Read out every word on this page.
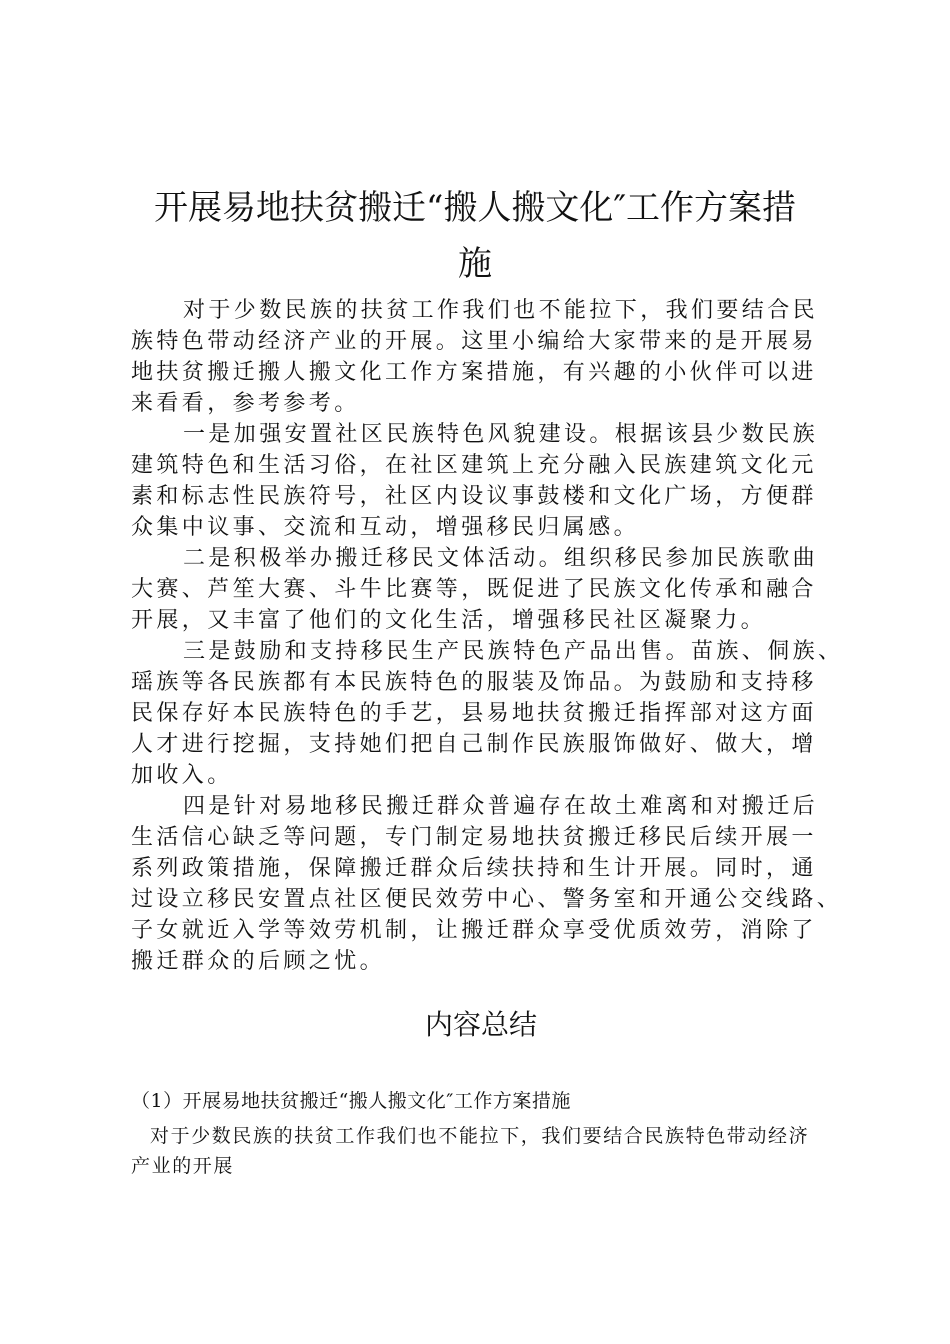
开展易地扶贫搬迁“搬人搬文化″工作方案措
施
对于少数民族的扶贫工作我们也不能拉下，我们要结合民
族特色带动经济产业的开展。这里小编给大家带来的是开展易
地扶贫搬迁搬人搬文化工作方案措施，有兴趣的小伙伴可以进
来看看，参考参考。
一是加强安置社区民族特色风貌建设。根据该县少数民族
建筑特色和生活习俗，在社区建筑上充分融入民族建筑文化元
素和标志性民族符号，社区内设议事鼓楼和文化广场，方便群
众集中议事、交流和互动，增强移民归属感。
二是积极举办搬迁移民文体活动。组织移民参加民族歌曲
大赛、芦笙大赛、斗牛比赛等，既促进了民族文化传承和融合
开展，又丰富了他们的文化生活，增强移民社区凝聚力。
三是鼓励和支持移民生产民族特色产品出售。苗族、侗族、
瑶族等各民族都有本民族特色的服装及饰品。为鼓励和支持移
民保存好本民族特色的手艺，县易地扶贫搬迁指挥部对这方面
人才进行挖掘，支持她们把自己制作民族服饰做好、做大，增
加收入。
四是针对易地移民搬迁群众普遍存在故土难离和对搬迁后
生活信心缺乏等问题，专门制定易地扶贫搬迁移民后续开展一
系列政策措施，保障搬迁群众后续扶持和生计开展。同时，通
过设立移民安置点社区便民效劳中心、警务室和开通公交线路、
子女就近入学等效劳机制，让搬迁群众享受优质效劳，消除了
搬迁群众的后顾之忧。
内容总结
（1）开展易地扶贫搬迁“搬人搬文化″工作方案措施
对于少数民族的扶贫工作我们也不能拉下，我们要结合民族特色带动经济
产业的开展
